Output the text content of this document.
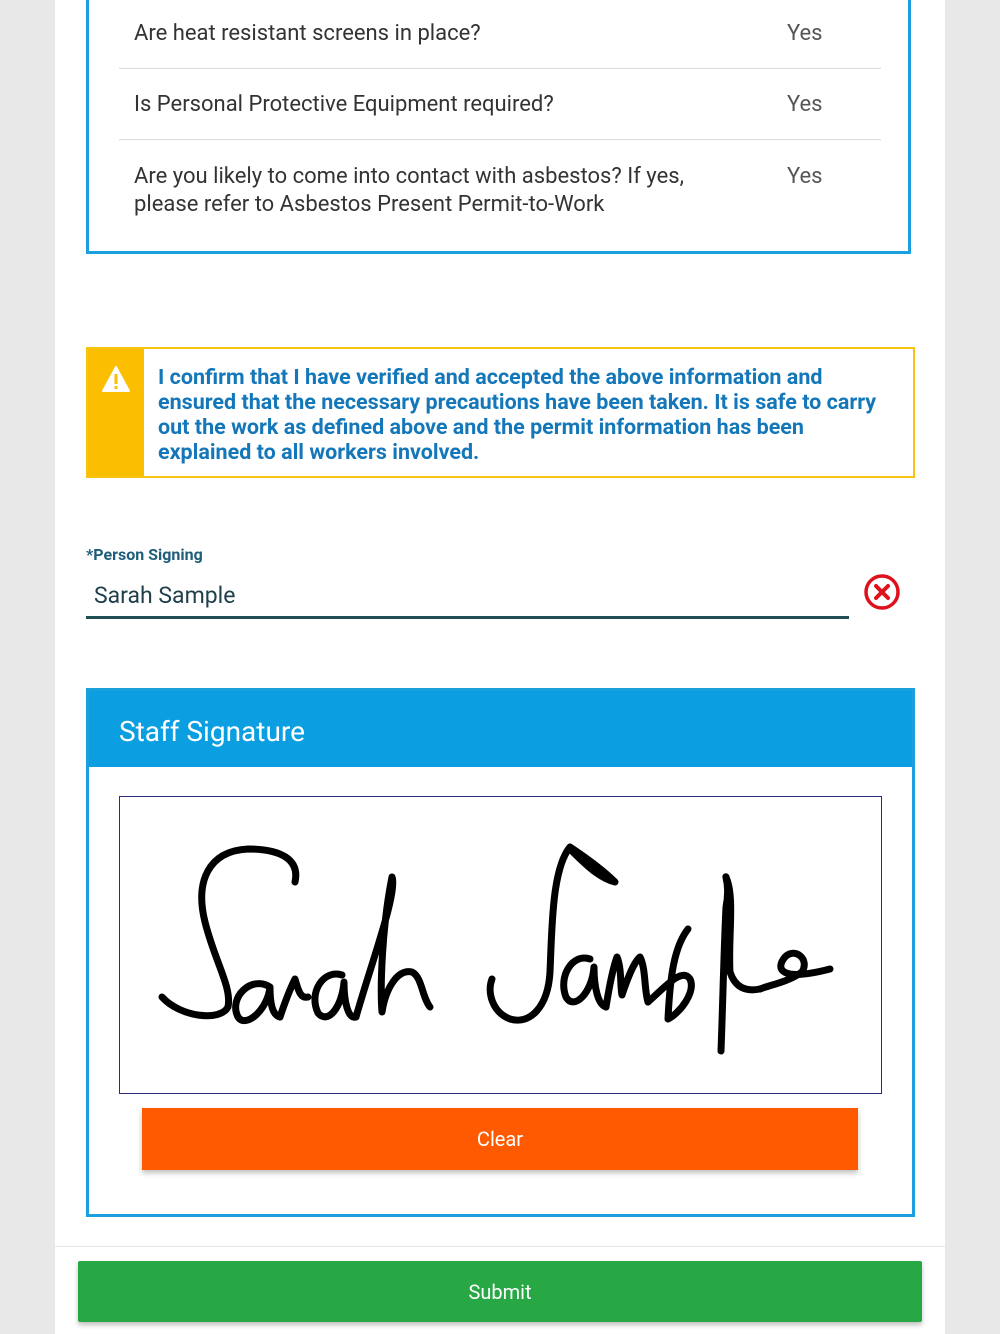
Are heat resistant screens in place?	Yes
Is Personal Protective Equipment required?	Yes
Are you likely to come into contact with asbestos? If yes, please refer to Asbestos Present Permit-to-Work
Yes
I confirm that I have verified and accepted the above information and ensured that the necessary precautions have been taken. It is safe to carry out the work as defined above and the permit information has been explained to all workers involved.
*Person Signing
Sarah Sample
Staff Signature
Clear
Submit
